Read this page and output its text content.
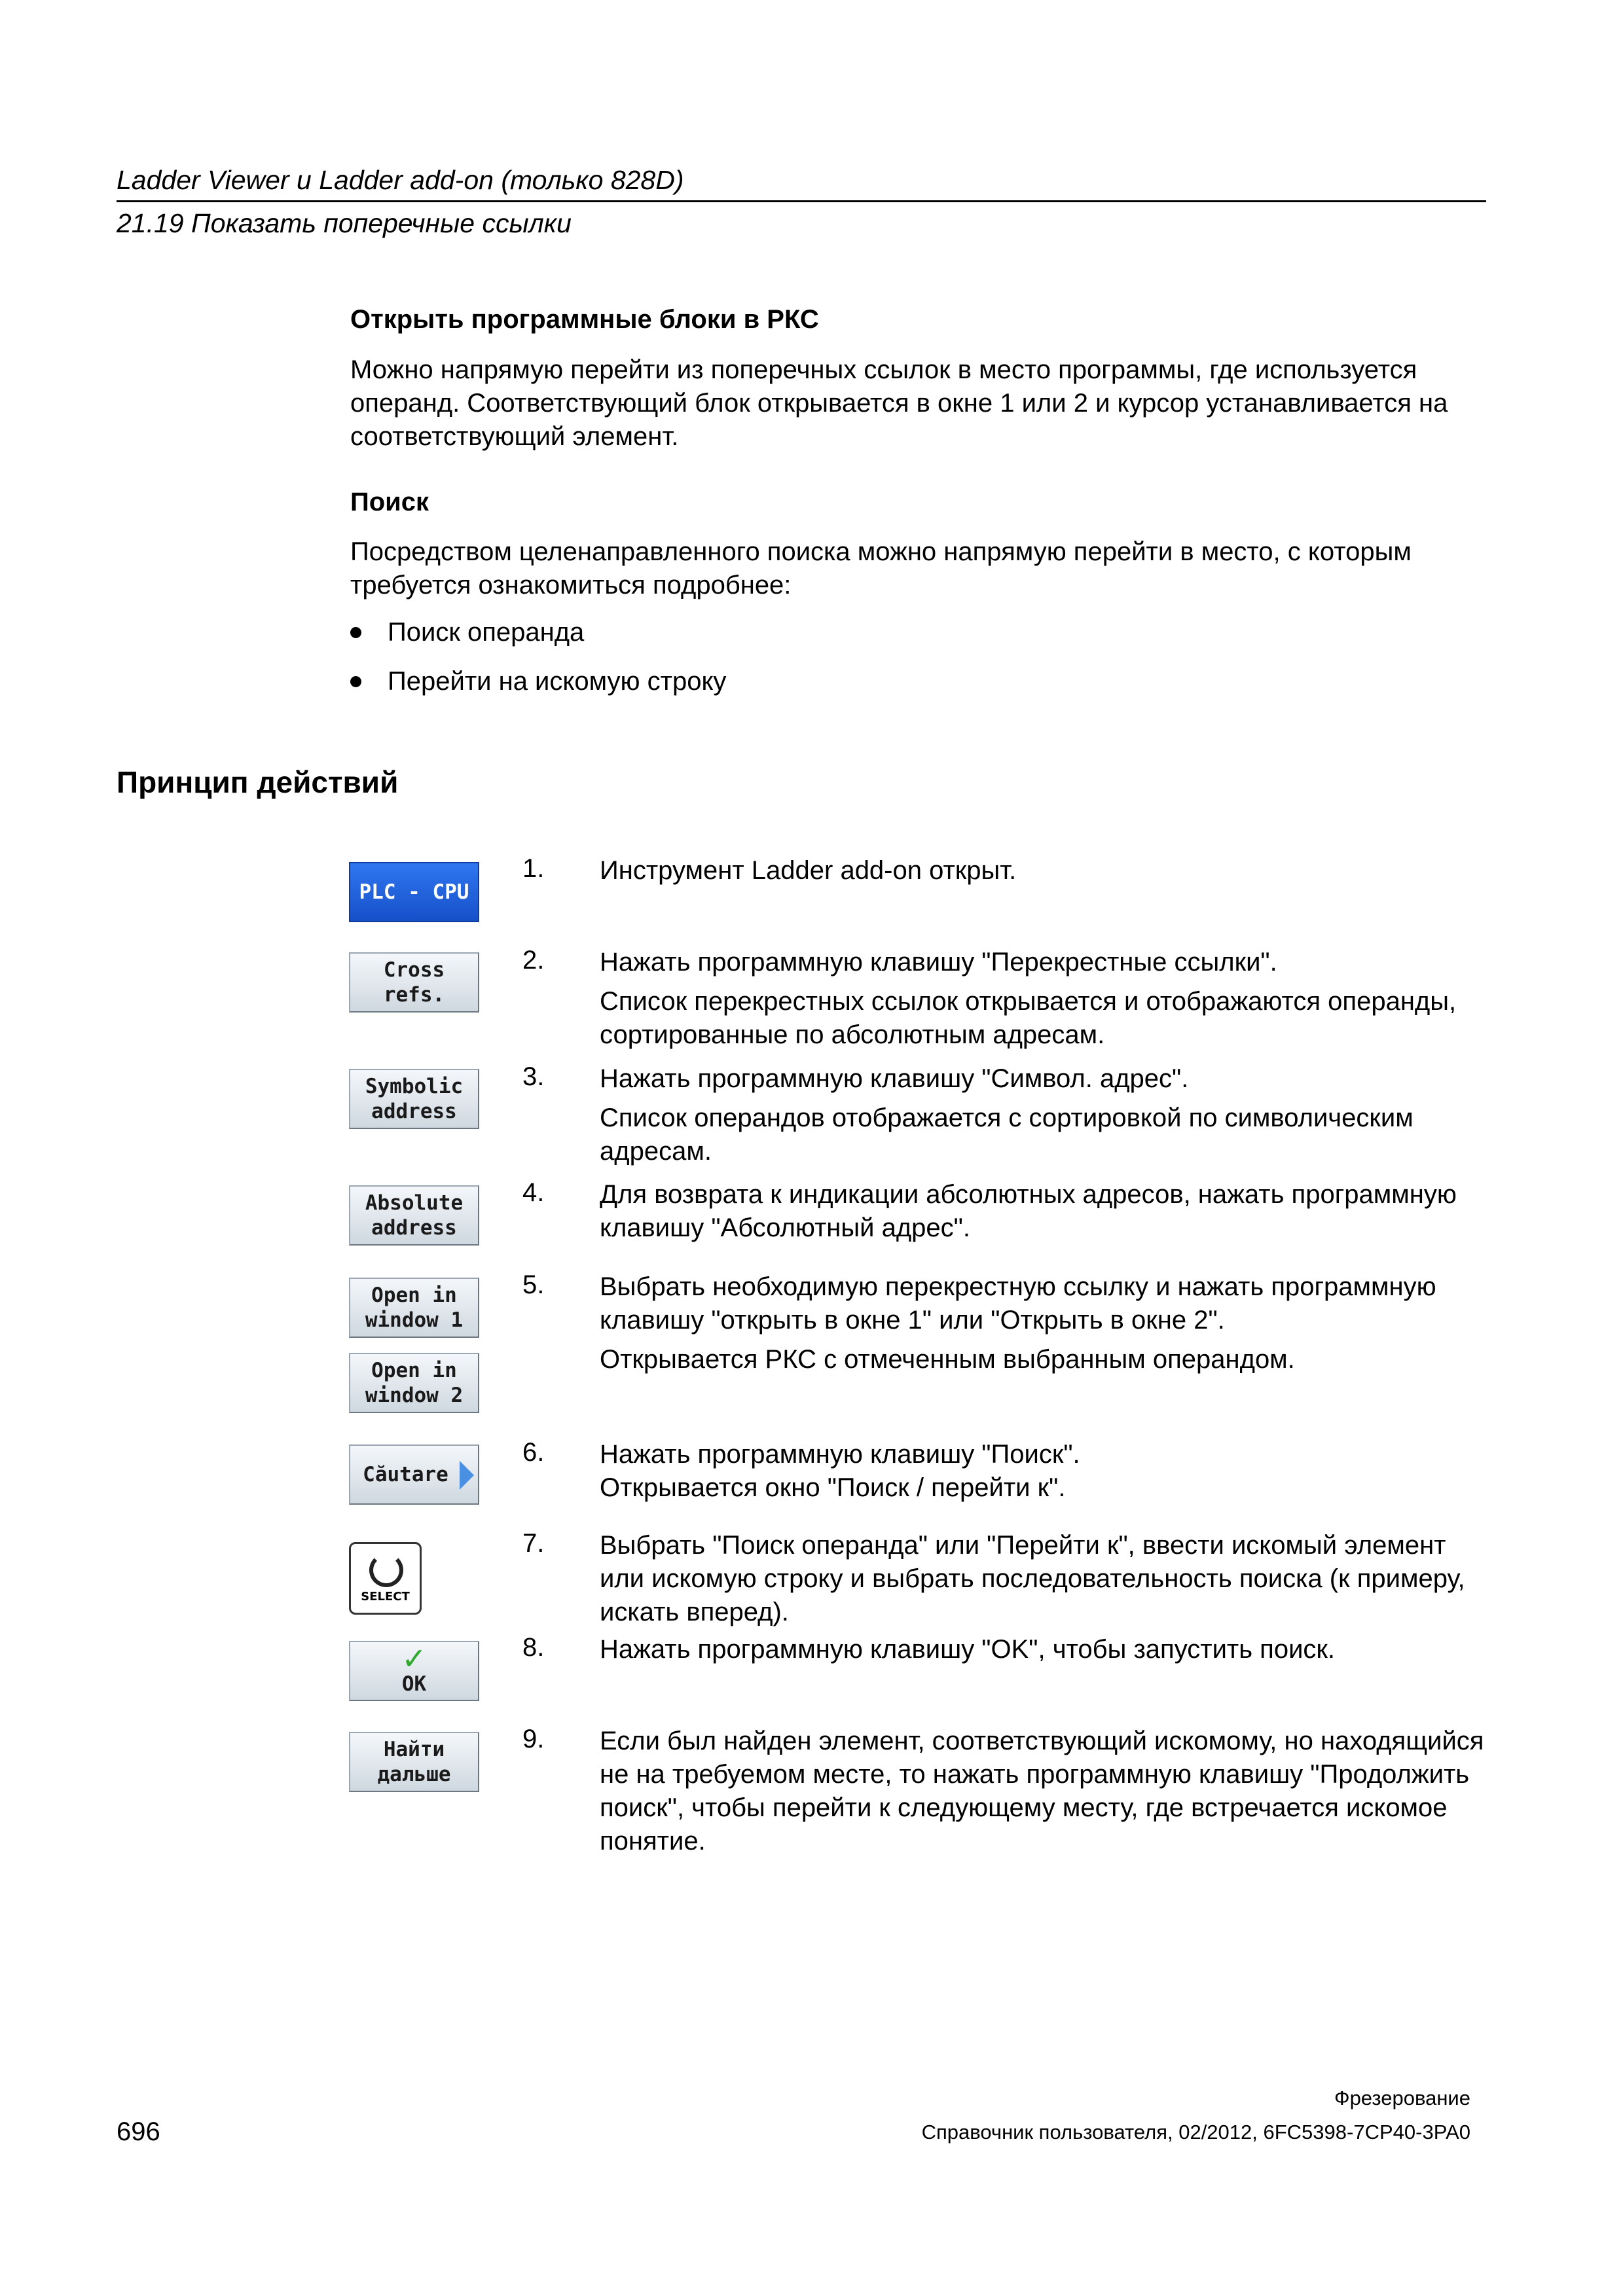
Ladder Viewer и Ladder add-on (только 828D)
21.19 Показать поперечные ссылки
Открыть программные блоки в РКС
Можно напрямую перейти из поперечных ссылок в место программы, где используется операнд. Соответствующий блок открывается в окне 1 или 2 и курсор устанавливается на соответствующий элемент.
Поиск
Посредством целенаправленного поиска можно напрямую перейти в место, с которым требуется ознакомиться подробнее:
Поиск операнда
Перейти на искомую строку
Принцип действий
PLC - CPU
Cross
refs.
Symbolic
address
Absolute
address
Open in
window 1
Open in
window 2
Căutare
SELECT
✓
OK
Найти
дальше
1. Инструмент Ladder add-on открыт.
2. Нажать программную клавишу "Перекрестные ссылки".
Список перекрестных ссылок открывается и отображаются операнды, сортированные по абсолютным адресам.
3. Нажать программную клавишу "Символ. адрес".
Список операндов отображается с сортировкой по символическим адресам.
4. Для возврата к индикации абсолютных адресов, нажать программную клавишу "Абсолютный адрес".
5. Выбрать необходимую перекрестную ссылку и нажать программную клавишу "открыть в окне 1" или "Открыть в окне 2".
Открывается РКС с отмеченным выбранным операндом.
6. Нажать программную клавишу "Поиск".
Открывается окно "Поиск / перейти к".
7. Выбрать "Поиск операнда" или "Перейти к", ввести искомый элемент или искомую строку и выбрать последовательность поиска (к примеру, искать вперед).
8. Нажать программную клавишу "OK", чтобы запустить поиск.
9. Если был найден элемент, соответствующий искомому, но находящийся не на требуемом месте, то нажать программную клавишу "Продолжить поиск", чтобы перейти к следующему месту, где встречается искомое понятие.
Фрезерование
696	Справочник пользователя, 02/2012, 6FC5398-7CP40-3PA0
